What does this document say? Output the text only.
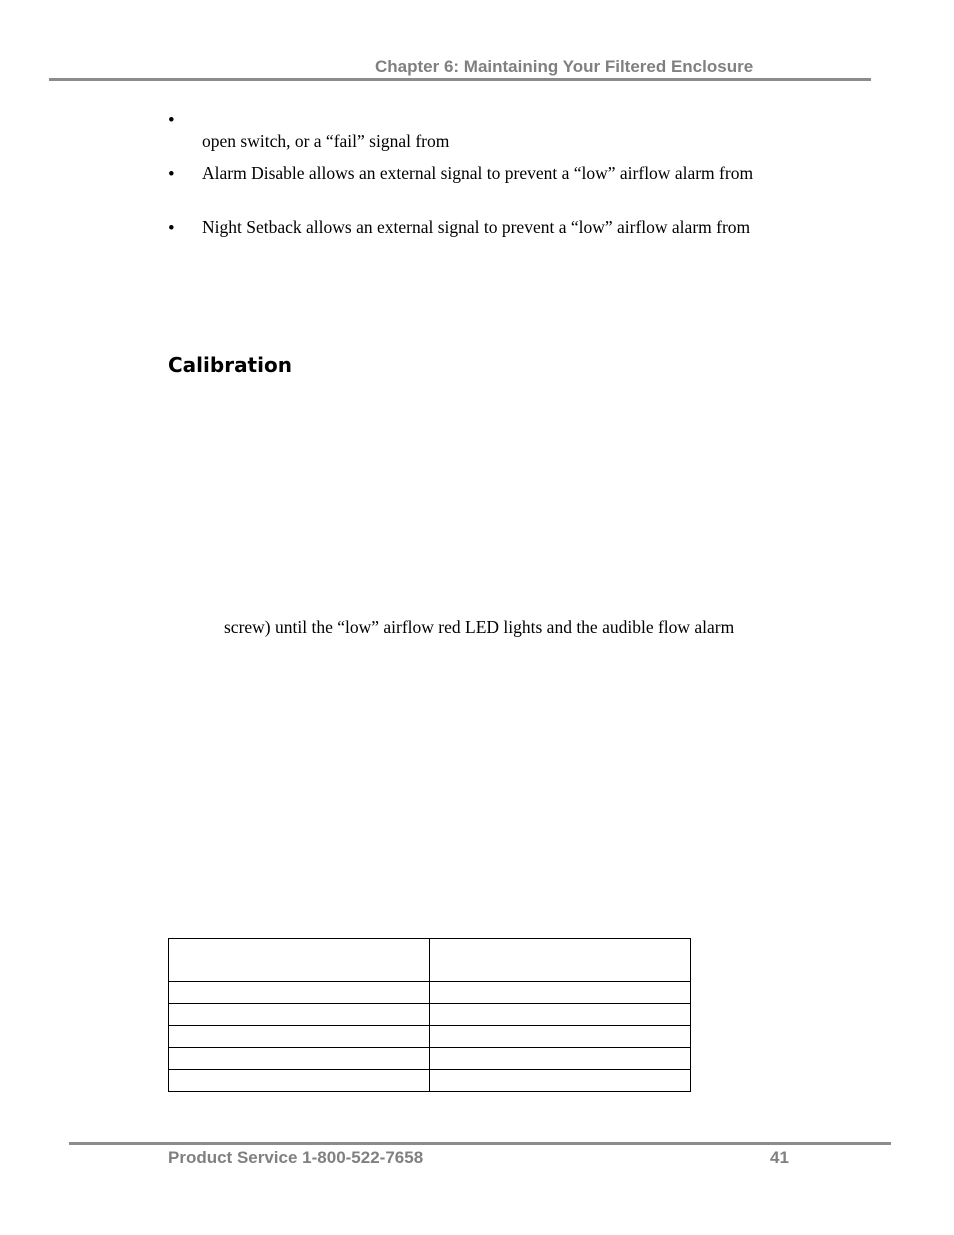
Chapter 6: Maintaining Your Filtered Enclosure
•
open switch, or a “fail” signal from
• Alarm Disable allows an external signal to prevent a “low” airflow alarm from
• Night Setback allows an external signal to prevent a “low” airflow alarm from
Calibration
screw) until the “low” airflow red LED lights and the audible flow alarm

Product Service 1-800-522-7658	41
